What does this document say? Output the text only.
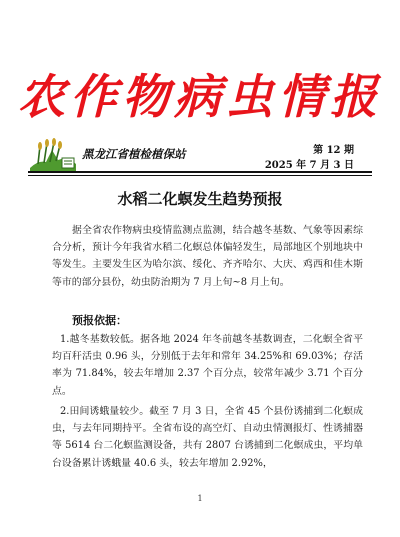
农作物病虫情报
黑龙江省植检植保站	第 12 期
2025 年 7 月 3 日
水稻二化螟发生趋势预报

据全省农作物病虫疫情监测点监测，结合越冬基数、气象等因素综合分析，预计今年我省水稻二化螟总体偏轻发生，局部地区个别地块中等发生。主要发生区为哈尔滨、绥化、齐齐哈尔、大庆、鸡西和佳木斯等市的部分县份，幼虫防治期为 7 月上旬~8 月上旬。

预报依据：

1.越冬基数较低。据各地 2024 年冬前越冬基数调查，二化螟全省平均百秆活虫 0.96 头，分别低于去年和常年 34.25%和 69.03%；存活率为 71.84%，较去年增加 2.37 个百分点，较常年减少 3.71 个百分点。

2.田间诱蛾量较少。截至 7 月 3 日，全省 45 个县份诱捕到二化螟成虫，与去年同期持平。全省布设的高空灯、自动虫情测报灯、性诱捕器等 5614 台二化螟监测设备，共有 2807 台诱捕到二化螟成虫，平均单台设备累计诱蛾量 40.6 头，较去年增加 2.92%，

1
